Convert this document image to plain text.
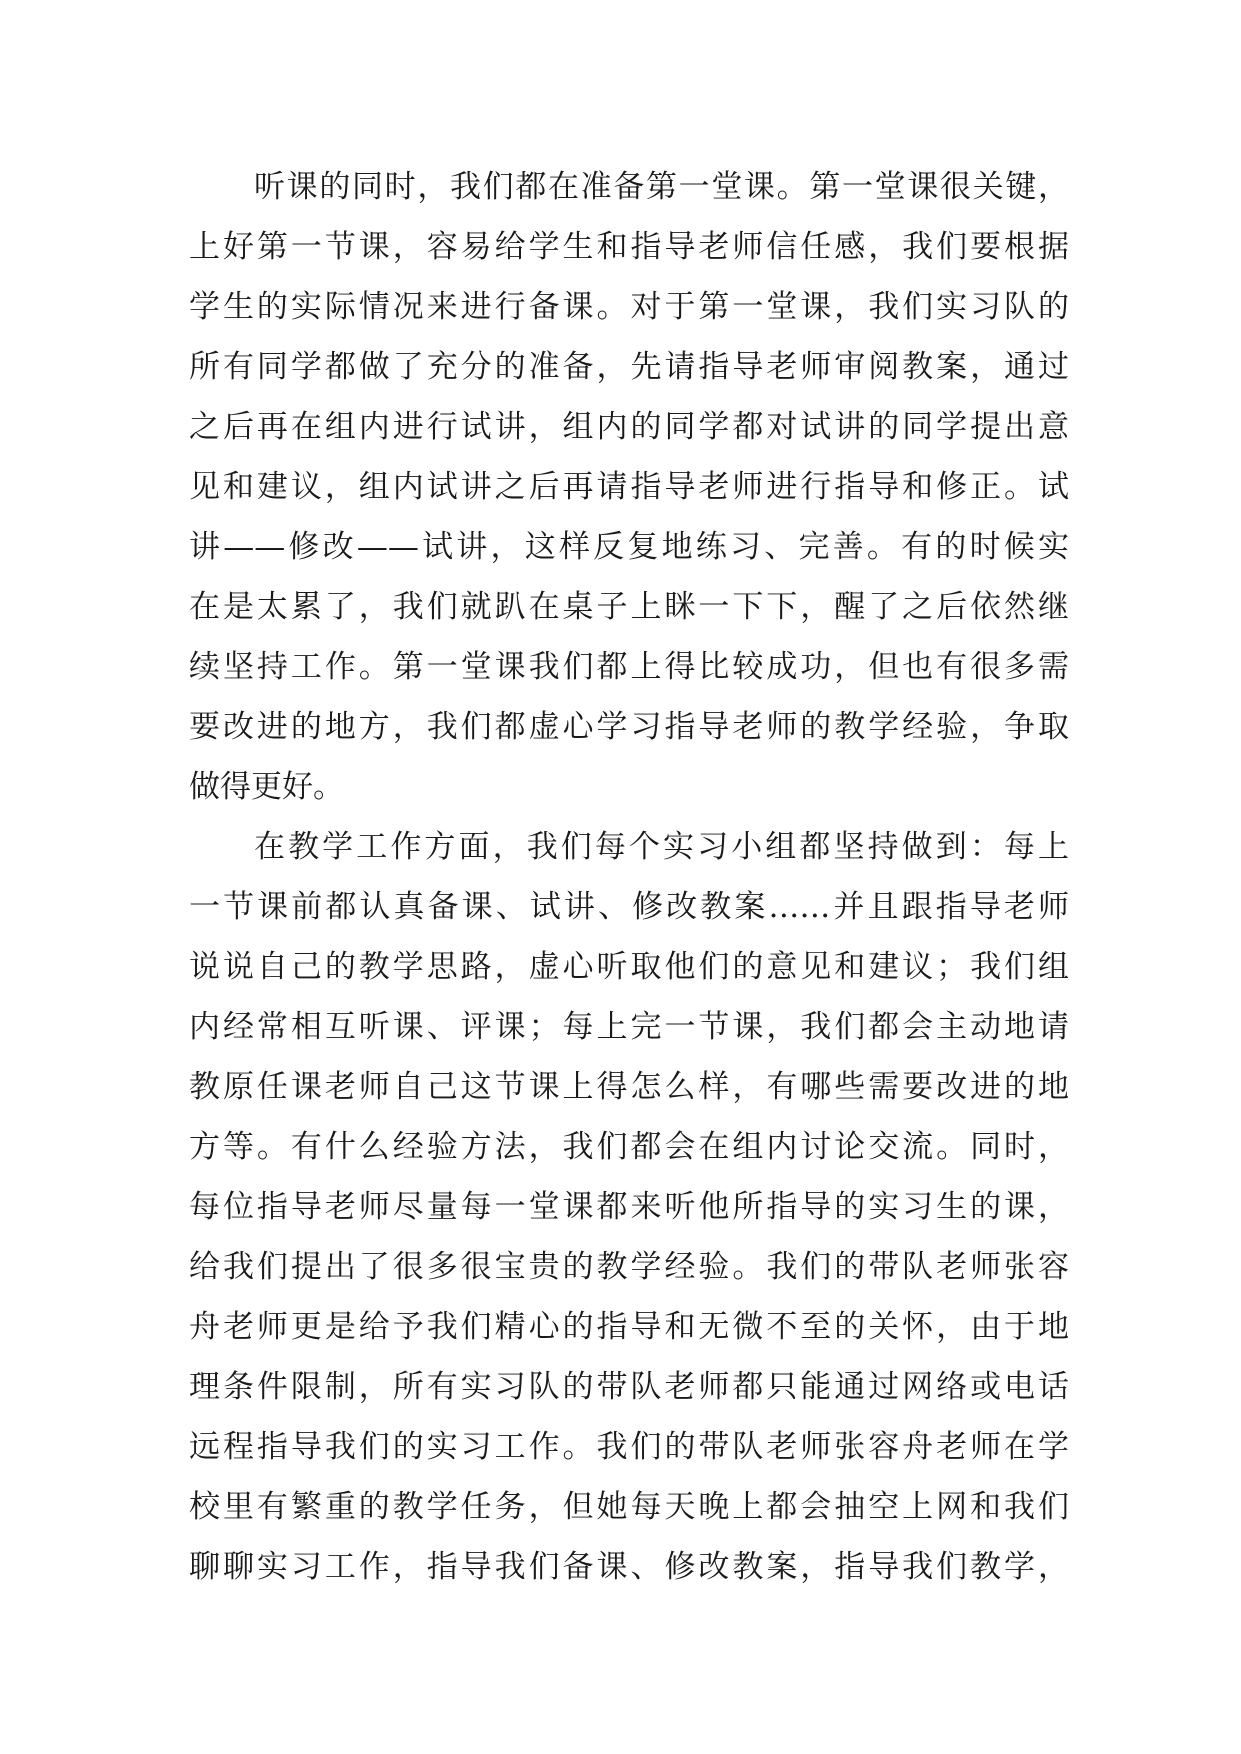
听课的同时，我们都在准备第一堂课。第一堂课很关键，
上好第一节课，容易给学生和指导老师信任感，我们要根据
学生的实际情况来进行备课。对于第一堂课，我们实习队的
所有同学都做了充分的准备，先请指导老师审阅教案，通过
之后再在组内进行试讲，组内的同学都对试讲的同学提出意
见和建议，组内试讲之后再请指导老师进行指导和修正。试
讲——修改——试讲，这样反复地练习、完善。有的时候实
在是太累了，我们就趴在桌子上眯一下下，醒了之后依然继
续坚持工作。第一堂课我们都上得比较成功，但也有很多需
要改进的地方，我们都虚心学习指导老师的教学经验，争取
做得更好。
在教学工作方面，我们每个实习小组都坚持做到：每上
一节课前都认真备课、试讲、修改教案……并且跟指导老师
说说自己的教学思路，虚心听取他们的意见和建议；我们组
内经常相互听课、评课；每上完一节课，我们都会主动地请
教原任课老师自己这节课上得怎么样，有哪些需要改进的地
方等。有什么经验方法，我们都会在组内讨论交流。同时，
每位指导老师尽量每一堂课都来听他所指导的实习生的课，
给我们提出了很多很宝贵的教学经验。我们的带队老师张容
舟老师更是给予我们精心的指导和无微不至的关怀，由于地
理条件限制，所有实习队的带队老师都只能通过网络或电话
远程指导我们的实习工作。我们的带队老师张容舟老师在学
校里有繁重的教学任务，但她每天晚上都会抽空上网和我们
聊聊实习工作，指导我们备课、修改教案，指导我们教学，
